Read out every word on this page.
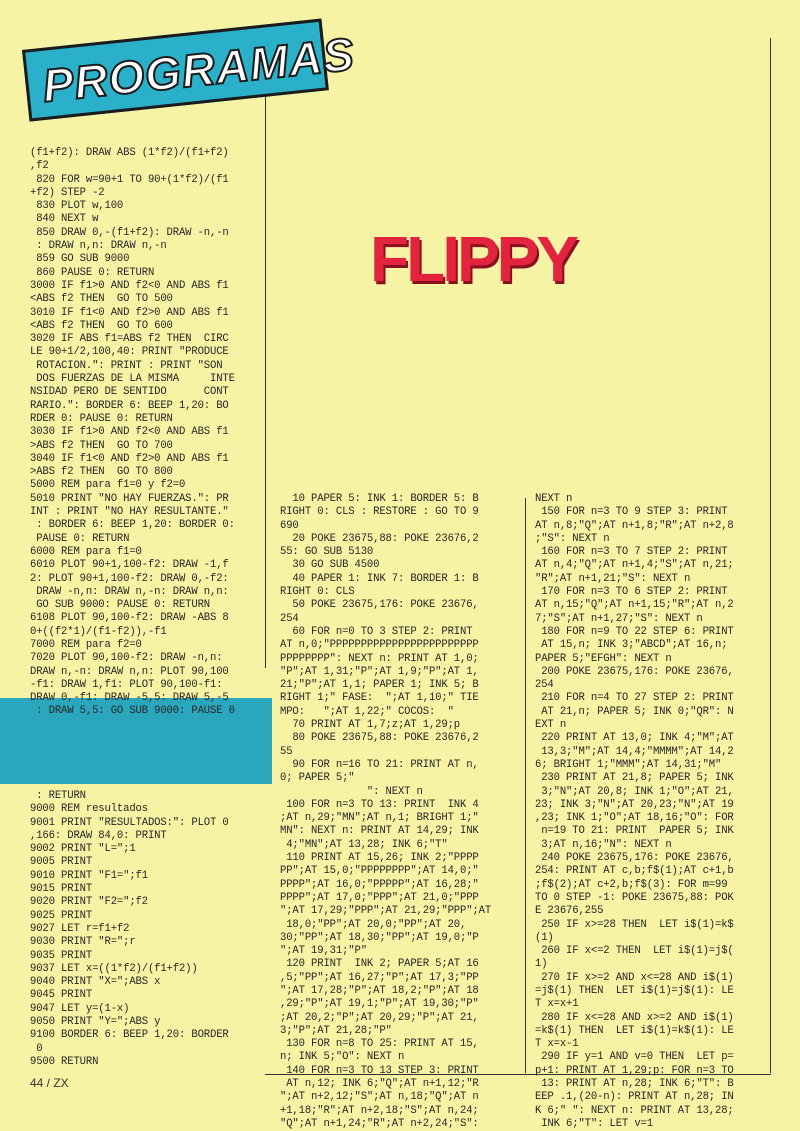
PROGRAMAS
FLIPPY
(f1+f2): DRAW ABS (1*f2)/(f1+f2)
,f2
820 FOR w=90+1 TO 90+(1*f2)/(f1
+f2) STEP -2
830 PLOT w,100
840 NEXT w
850 DRAW 0,-(f1+f2): DRAW -n,-n
: DRAW n,n: DRAW n,-n
859 GO SUB 9000
860 PAUSE 0: RETURN
3000 IF f1>0 AND f2<0 AND ABS f1
<ABS f2 THEN  GO TO 500
3010 IF f1<0 AND f2>0 AND ABS f1
<ABS f2 THEN  GO TO 600
3020 IF ABS f1=ABS f2 THEN  CIRC
LE 90+1/2,100,40: PRINT "PRODUCE
ROTACION.": PRINT : PRINT "SON
DOS FUERZAS DE LA MISMA     INTE
NSIDAD PERO DE SENTIDO      CONT
RARIO.": BORDER 6: BEEP 1,20: BO
RDER 0: PAUSE 0: RETURN
3030 IF f1>0 AND f2<0 AND ABS f1
>ABS f2 THEN  GO TO 700
3040 IF f1<0 AND f2>0 AND ABS f1
>ABS f2 THEN  GO TO 800
5000 REM para f1=0 y f2=0
5010 PRINT "NO HAY FUERZAS.": PR
INT : PRINT "NO HAY RESULTANTE."
: BORDER 6: BEEP 1,20: BORDER 0:
PAUSE 0: RETURN
6000 REM para f1=0
6010 PLOT 90+1,100-f2: DRAW -1,f
2: PLOT 90+1,100-f2: DRAW 0,-f2:
DRAW -n,n: DRAW n,-n: DRAW n,n:
GO SUB 9000: PAUSE 0: RETURN
6108 PLOT 90,100-f2: DRAW -ABS 8
0+((f2*1)/(f1-f2)),-f1
7000 REM para f2=0
7020 PLOT 90,100-f2: DRAW -n,n:
DRAW n,-n: DRAW n,n: PLOT 90,100
-f1: DRAW 1,f1: PLOT 90,100-f1:
DRAW 0,-f1: DRAW -5,5: DRAW 5,-5
: DRAW 5,5: GO SUB 9000: PAUSE 0
: RETURN
9000 REM resultados
9001 PRINT "RESULTADOS:": PLOT 0
,166: DRAW 84,0: PRINT
9002 PRINT "L=";1
9005 PRINT
9010 PRINT "F1=";f1
9015 PRINT
9020 PRINT "F2=";f2
9025 PRINT
9027 LET r=f1+f2
9030 PRINT "R=";r
9035 PRINT
9037 LET x=((1*f2)/(f1+f2))
9040 PRINT "X=";ABS x
9045 PRINT
9047 LET y=(1-x)
9050 PRINT "Y=";ABS y
9100 BORDER 6: BEEP 1,20: BORDER
0
9500 RETURN
10 PAPER 5: INK 1: BORDER 5: B
RIGHT 0: CLS : RESTORE : GO TO 9
690
20 POKE 23675,88: POKE 23676,2
55: GO SUB 5130
30 GO SUB 4500
40 PAPER 1: INK 7: BORDER 1: B
RIGHT 0: CLS
50 POKE 23675,176: POKE 23676,
254
60 FOR n=0 TO 3 STEP 2: PRINT
AT n,0;"PPPPPPPPPPPPPPPPPPPPPPPP
PPPPPPPP": NEXT n: PRINT AT 1,0;
"P";AT 1,31;"P";AT 1,9;"P";AT 1,
21;"P";AT 1,1; PAPER 1; INK 5; B
RIGHT 1;" FASE:  ";AT 1,10;" TIE
MPO:   ";AT 1,22;" COCOS:  "
70 PRINT AT 1,7;z;AT 1,29;p
80 POKE 23675,88: POKE 23676,2
55
90 FOR n=16 TO 21: PRINT AT n,
0; PAPER 5;"
": NEXT n
100 FOR n=3 TO 13: PRINT  INK 4
;AT n,29;"MN";AT n,1; BRIGHT 1;"
MN": NEXT n: PRINT AT 14,29; INK
4;"MN";AT 13,28; INK 6;"T"
110 PRINT AT 15,26; INK 2;"PPPP
PP";AT 15,0;"PPPPPPPP";AT 14,0;"
PPPP";AT 16,0;"PPPPP";AT 16,28;"
PPPP";AT 17,0;"PPP";AT 21,0;"PPP
";AT 17,29;"PPP";AT 21,29;"PPP";AT
18,0;"PP";AT 20,0;"PP";AT 20,
30;"PP";AT 18,30;"PP";AT 19,0;"P
";AT 19,31;"P"
120 PRINT  INK 2; PAPER 5;AT 16
,5;"PP";AT 16,27;"P";AT 17,3;"PP
";AT 17,28;"P";AT 18,2;"P";AT 18
,29;"P";AT 19,1;"P";AT 19,30;"P"
;AT 20,2;"P";AT 20,29;"P";AT 21,
3;"P";AT 21,28;"P"
130 FOR n=8 TO 25: PRINT AT 15,
n; INK 5;"O": NEXT n
140 FOR n=3 TO 13 STEP 3: PRINT
AT n,12; INK 6;"Q";AT n+1,12;"R
";AT n+2,12;"S";AT n,18;"Q";AT n
+1,18;"R";AT n+2,18;"S";AT n,24;
"Q";AT n+1,24;"R";AT n+2,24;"S":
NEXT n
150 FOR n=3 TO 9 STEP 3: PRINT
AT n,8;"Q";AT n+1,8;"R";AT n+2,8
;"S": NEXT n
160 FOR n=3 TO 7 STEP 2: PRINT
AT n,4;"Q";AT n+1,4;"S";AT n,21;
"R";AT n+1,21;"S": NEXT n
170 FOR n=3 TO 6 STEP 2: PRINT
AT n,15;"Q";AT n+1,15;"R";AT n,2
7;"S";AT n+1,27;"S": NEXT n
180 FOR n=9 TO 22 STEP 6: PRINT
AT 15,n; INK 3;"ABCD";AT 16,n;
PAPER 5;"EFGH": NEXT n
200 POKE 23675,176: POKE 23676,
254
210 FOR n=4 TO 27 STEP 2: PRINT
AT 21,n; PAPER 5; INK 0;"QR": N
EXT n
220 PRINT AT 13,0; INK 4;"M";AT
13,3;"M";AT 14,4;"MMMM";AT 14,2
6; BRIGHT 1;"MMM";AT 14,31;"M"
230 PRINT AT 21,8; PAPER 5; INK
3;"N";AT 20,8; INK 1;"O";AT 21,
23; INK 3;"N";AT 20,23;"N";AT 19
,23; INK 1;"O";AT 18,16;"O": FOR
n=19 TO 21: PRINT  PAPER 5; INK
3;AT n,16;"N": NEXT n
240 POKE 23675,176: POKE 23676,
254: PRINT AT c,b;f$(1);AT c+1,b
;f$(2);AT c+2,b;f$(3): FOR m=99
TO 0 STEP -1: POKE 23675,88: POK
E 23676,255
250 IF x>=28 THEN  LET i$(1)=k$
(1)
260 IF x<=2 THEN  LET i$(1)=j$(
1)
270 IF x>=2 AND x<=28 AND i$(1)
=j$(1) THEN  LET i$(1)=j$(1): LE
T x=x+1
280 IF x<=28 AND x>=2 AND i$(1)
=k$(1) THEN  LET i$(1)=k$(1): LE
T x=x-1
290 IF y=1 AND v=0 THEN  LET p=
p+1: PRINT AT 1,29;p: FOR n=3 TO
13: PRINT AT n,28; INK 6;"T": B
EEP .1,(20-n): PRINT AT n,28; IN
K 6;" ": NEXT n: PRINT AT 13,28;
INK 6;"T": LET v=1
44 / ZX
